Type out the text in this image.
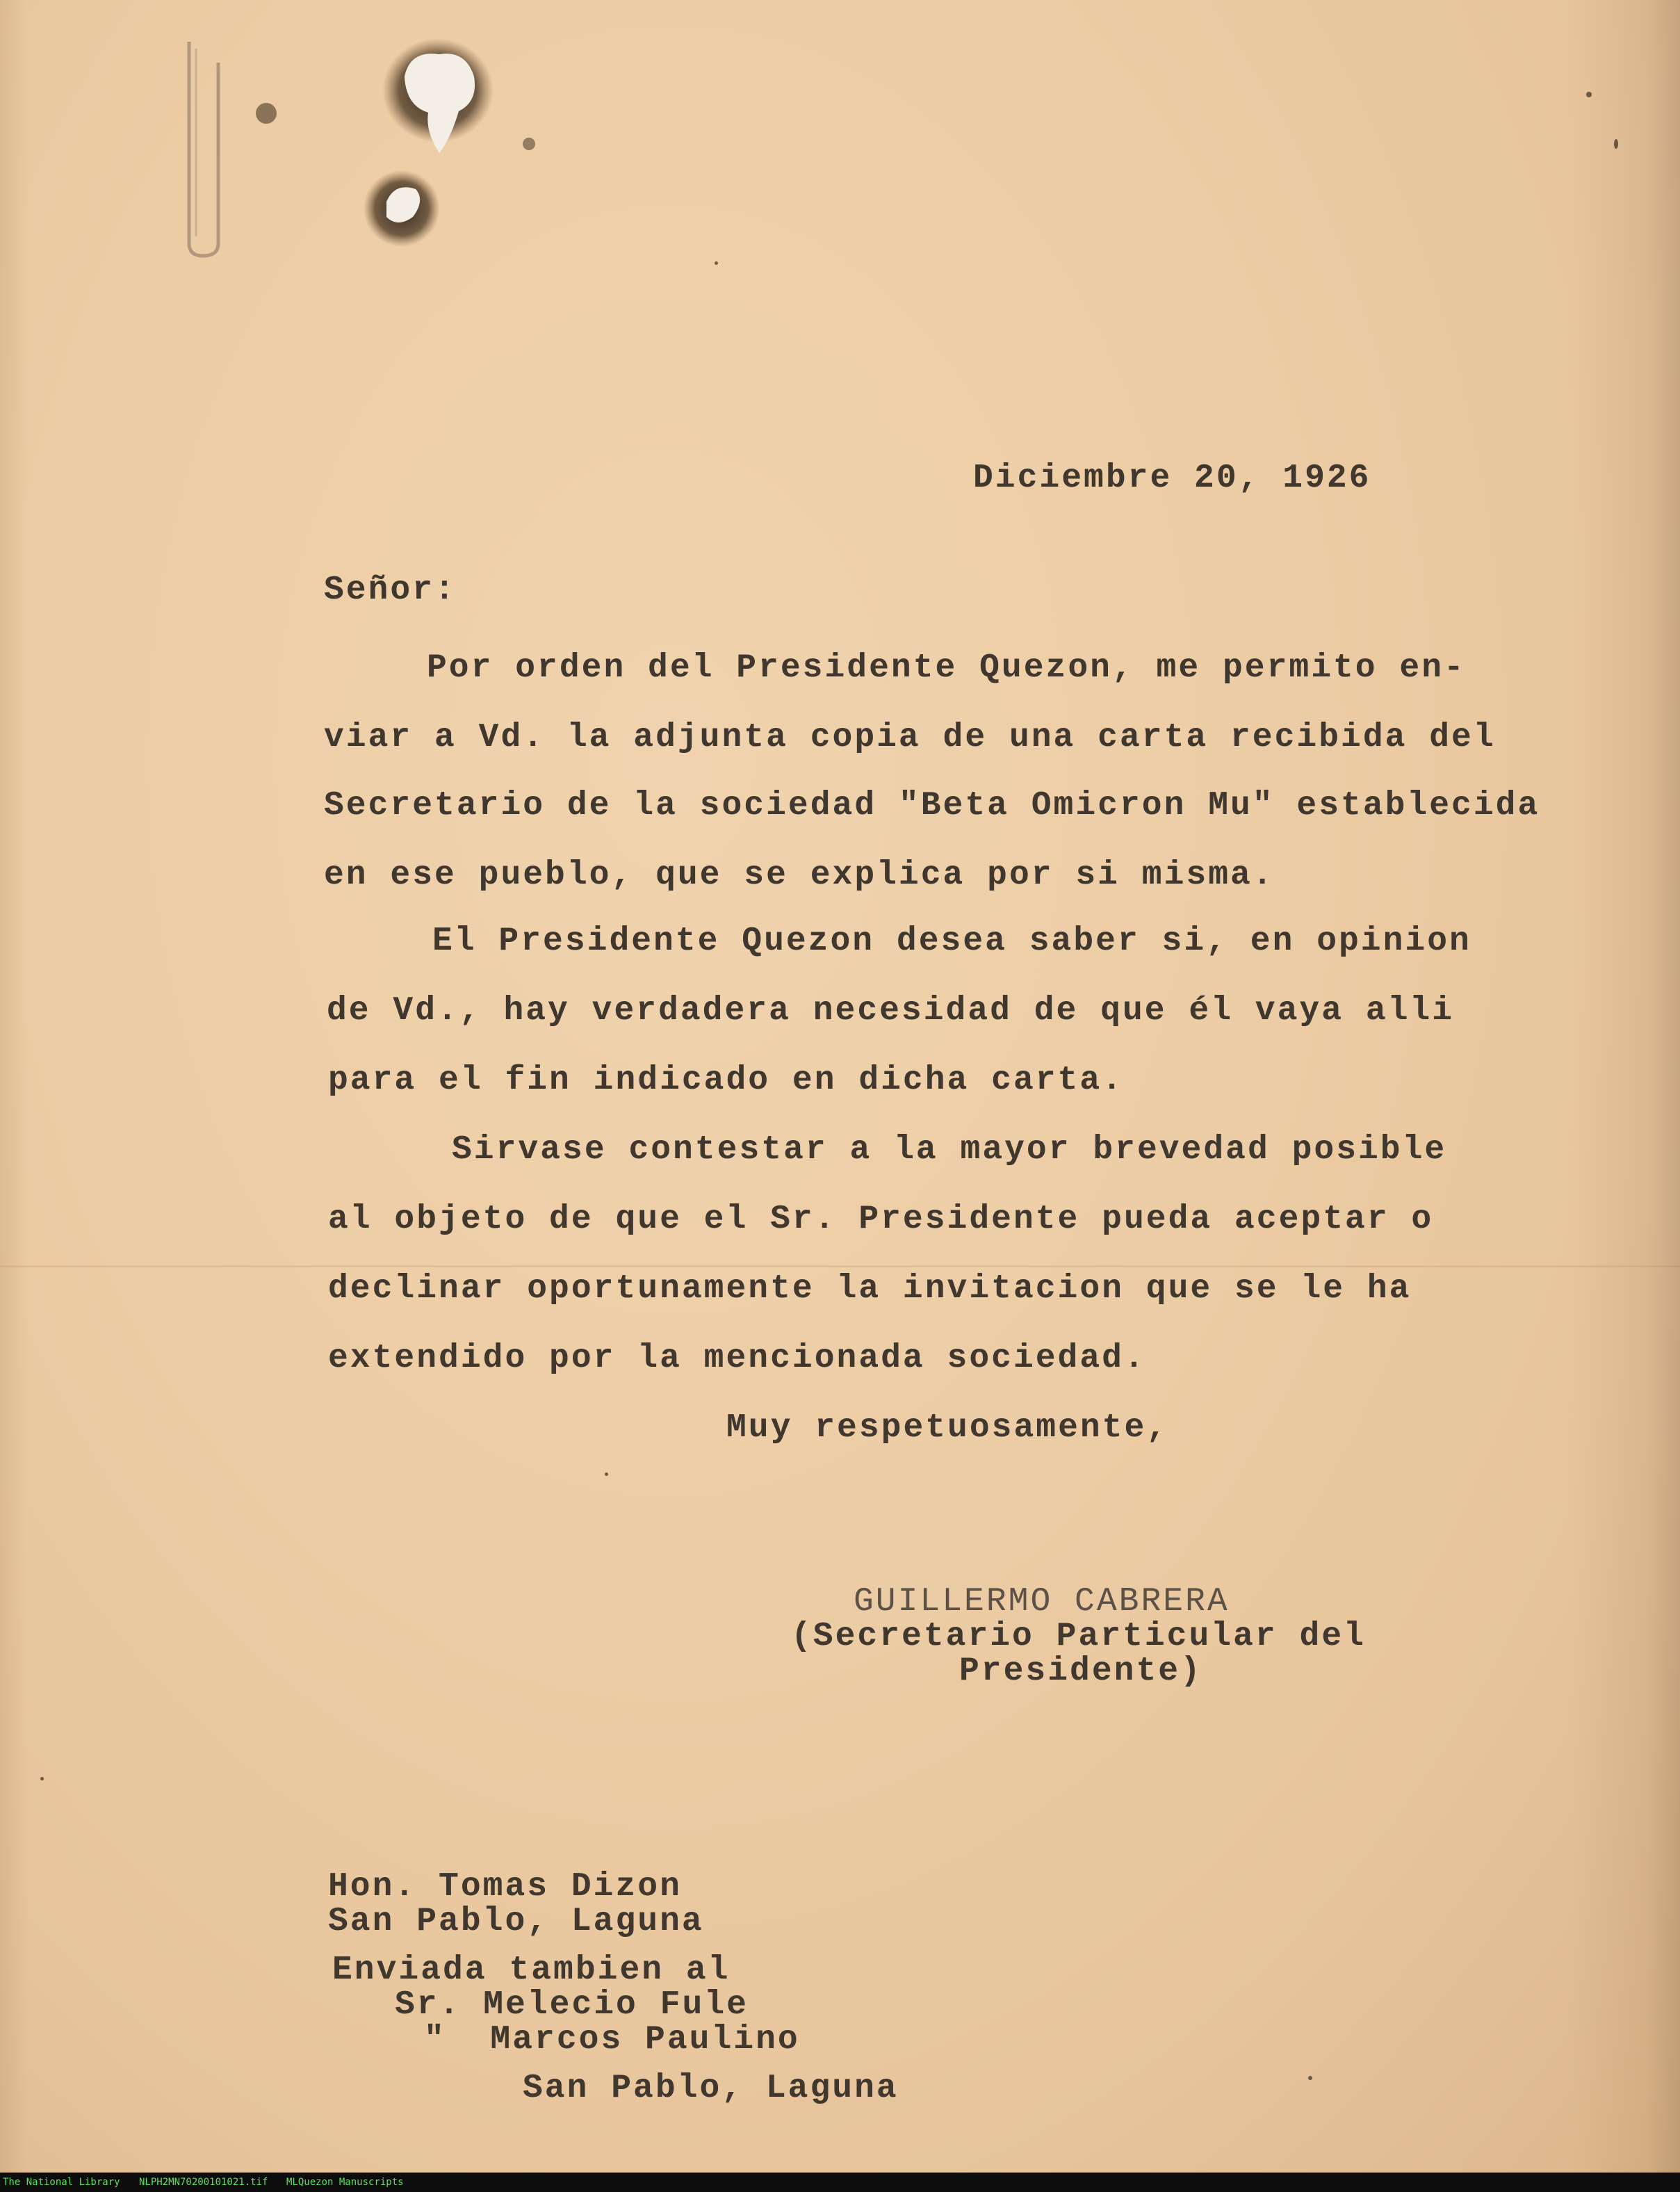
Diciembre 20, 1926
Señor:
Por orden del Presidente Quezon, me permito en-
viar a Vd. la adjunta copia de una carta recibida del
Secretario de la sociedad "Beta Omicron Mu" establecida
en ese pueblo, que se explica por si misma.
El Presidente Quezon desea saber si, en opinion
de Vd., hay verdadera necesidad de que él vaya alli
para el fin indicado en dicha carta.
Sirvase contestar a la mayor brevedad posible
al objeto de que el Sr. Presidente pueda aceptar o
declinar oportunamente la invitacion que se le ha
extendido por la mencionada sociedad.
Muy respetuosamente,
GUILLERMO CABRERA
(Secretario Particular del
Presidente)
Hon. Tomas Dizon
San Pablo, Laguna
Enviada tambien al
Sr. Melecio Fule
"  Marcos Paulino
San Pablo, Laguna
The National Library NLPH2MN70200101021.tif MLQuezon Manuscripts
